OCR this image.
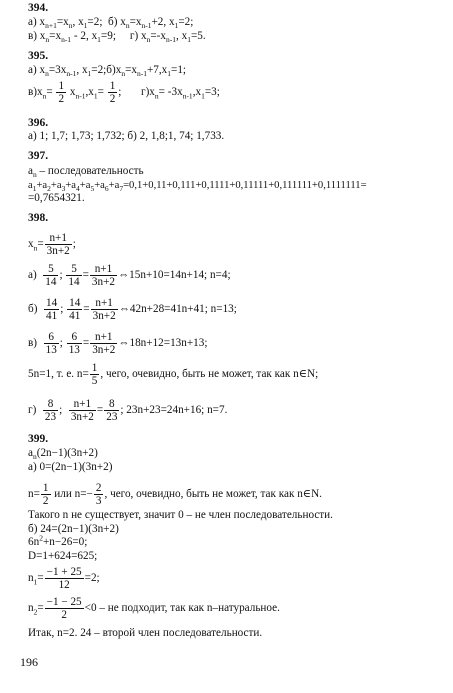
394.
а) $x_{n+1}=x_n$, $x_1=2$;  б) $x_n=x_{n-1}+2$, $x_1=2$;
в) $x_n=x_{n-1} - 2$, $x_1=9$;     г) $x_n=-x_{n-1}$, $x_1=5$.
395.
а) $x_n=3x_{n-1}$, $x_1=2;б)x_n=x_{n-1}+7,x_1=1$;
$в)x_n= \frac{1}{2} x_{n-1},x_1= \frac{1}{2}$ ;       $г)x_n= -3x_{n-1},x_1=3$;
396.
а) 1; 1,7; 1,73; 1,732; б) 2, 1,8;1, 74; 1,733.
397.
$a_n$ – последовательность
$a_1+a_2+a_3+a_4+a_5+a_6+a_7=0,1+0,11+0,111+0,1111+0,11111+0,111111+0,1111111=$
=0,7654321.
398.
$x_n= \frac{n+1}{3n+2}$ ;
$а) \frac{5}{14}$ ; $\frac{5}{14} = \frac{n+1}{3n+2}$ ⇔15n+10=14n+14; n=4;
$б) \frac{14}{41}$ ; $\frac{14}{41} = \frac{n+1}{3n+2}$ ⇔42n+28=41n+41; n=13;
$в) \frac{6}{13}$ ; $\frac{6}{13} = \frac{n+1}{3n+2}$ ⇔18n+12=13n+13;
5n=1, т. е. $n= \frac{1}{5}$ , чего, очевидно, быть не может, так как n∈N;
$г) \frac{8}{23}$ ; $\frac{n+1}{3n+2} = \frac{8}{23}$ ; 23n+23=24n+16; n=7.
399.
$a_n(2n-1)(3n+2)$
а) 0=(2n−1)(3n+2)
$n= \frac{1}{2}$ или $n=- \frac{2}{3}$ , чего, очевидно, быть не может, так как n∈N.
Такого n не существует, значит 0 – не член последовательности.
б) 24=(2n−1)(3n+2)
$6n^2+n-26=0$;
D=1+624=625;
$n_1= \frac{-1 + 25}{12} =2$;
$n_2= \frac{-1 - 25}{2} <0$ – не подходит, так как n–натуральное.
Итак, n=2. 24 – второй член последовательности.
196
